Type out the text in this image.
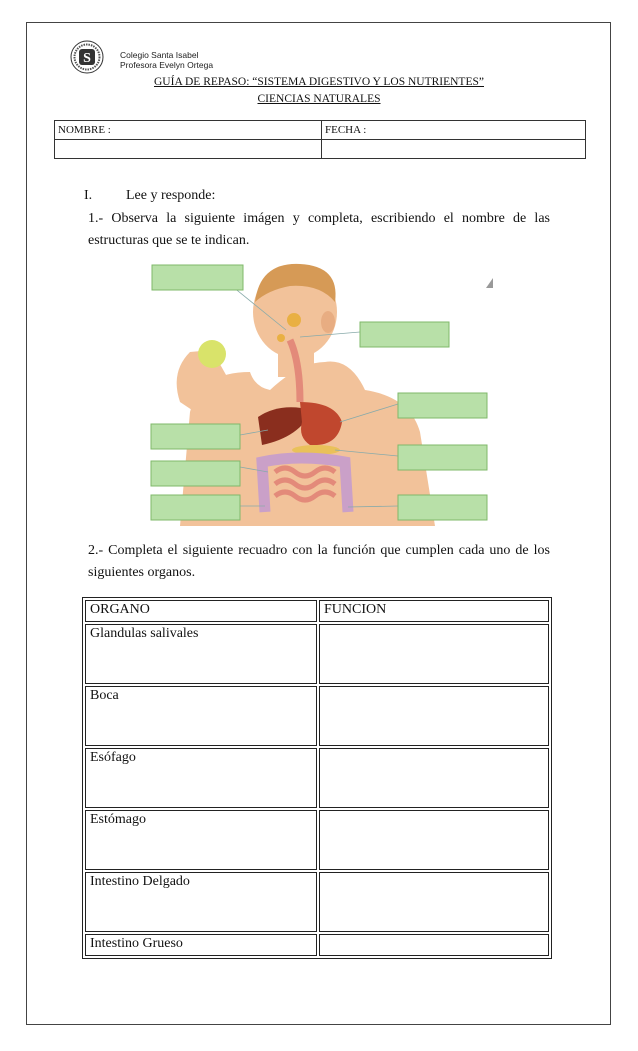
S	Colegio Santa Isabel
Profesora Evelyn Ortega
GUÍA DE REPASO: “SISTEMA DIGESTIVO Y LOS NUTRIENTES”
CIENCIAS NATURALES
NOMBRE :	FECHA :

I. Lee y responde:
1.- Observa la siguiente imágen y completa, escribiendo el nombre de las estructuras que se te indican.
2.- Completa el siguiente recuadro con la función que cumplen cada uno de los siguientes organos.
ORGANO	FUNCION
Glandulas salivales	
Boca	
Esófago	
Estómago	
Intestino Delgado	
Intestino Grueso	
